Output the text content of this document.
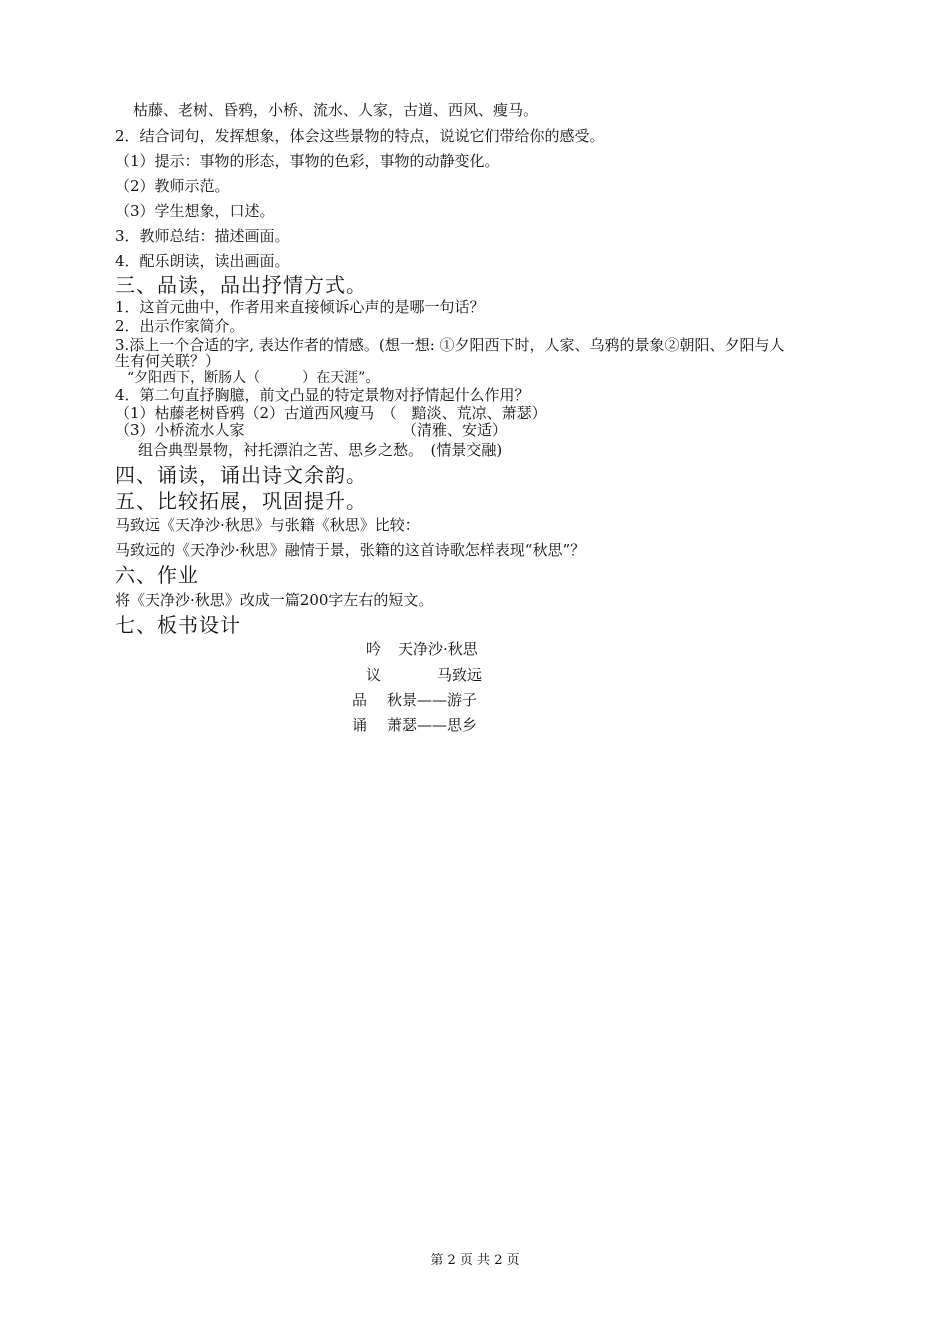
枯藤、老树、昏鸦，小桥、流水、人家，古道、西风、瘦马。
2．结合词句，发挥想象，体会这些景物的特点，说说它们带给你的感受。
（1）提示：事物的形态，事物的色彩，事物的动静变化。
（2）教师示范。
（3）学生想象，口述。
3．教师总结：描述画面。
4．配乐朗读，读出画面。
三、品读，品出抒情方式。
1．这首元曲中，作者用来直接倾诉心声的是哪一句话？
2．出示作家简介。
3.添上一个合适的字, 表达作者的情感。(想一想: ①夕阳西下时，人家、乌鸦的景象②朝阳、夕阳与人
生有何关联？）
“夕阳西下，断肠人（　　　）在天涯”。
4．第二句直抒胸臆，前文凸显的特定景物对抒情起什么作用？
（1）枯藤老树昏鸦（2）古道西风瘦马　（　黯淡、荒凉、萧瑟）
（3）小桥流水人家　　　　　　　　　　　（清雅、安适）
组合典型景物，衬托漂泊之苦、思乡之愁。　(情景交融)
四、诵读，诵出诗文余韵。
五、比较拓展，巩固提升。
马致远《天净沙·秋思》与张籍《秋思》比较：
马致远的《天净沙·秋思》融情于景，张籍的这首诗歌怎样表现“秋思”？
六、作业
将《天净沙·秋思》改成一篇200字左右的短文。
七、板书设计
吟 天净沙·秋思
议	马致远
品 秋景——游子
诵 萧瑟——思乡
第 2 页 共 2 页
